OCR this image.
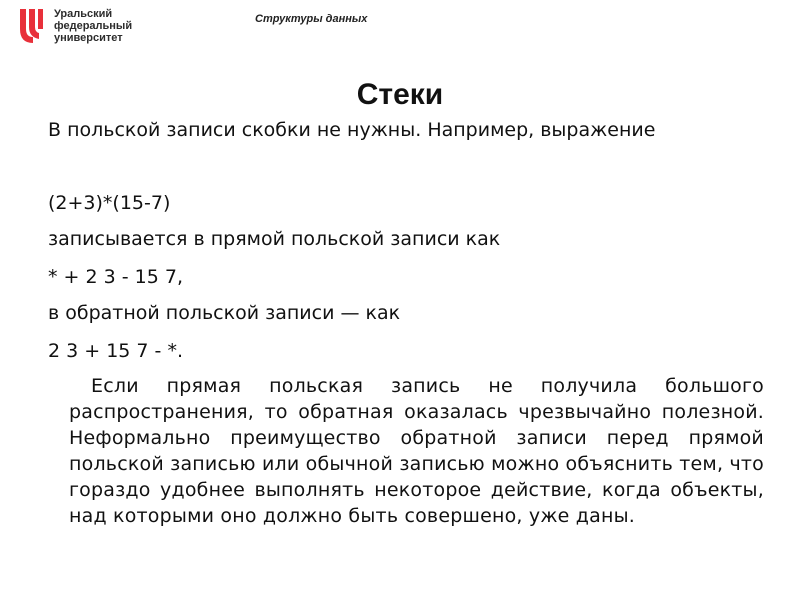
Уральский
федеральный
университет
Структуры данных
Стеки

В польской записи скобки не нужны. Например, выражение

(2+3)*(15-7)

записывается в прямой польской записи как

* + 2 3 - 15 7,

в обратной польской записи — как

2 3 + 15 7 - *.

Если прямая польская запись не получила большого распространения, то обратная оказалась чрезвычайно полезной. Неформально преимущество обратной записи перед прямой польской записью или обычной записью можно объяснить тем, что гораздо удобнее выполнять некоторое действие, когда объекты, над которыми оно должно быть совершено, уже даны.
